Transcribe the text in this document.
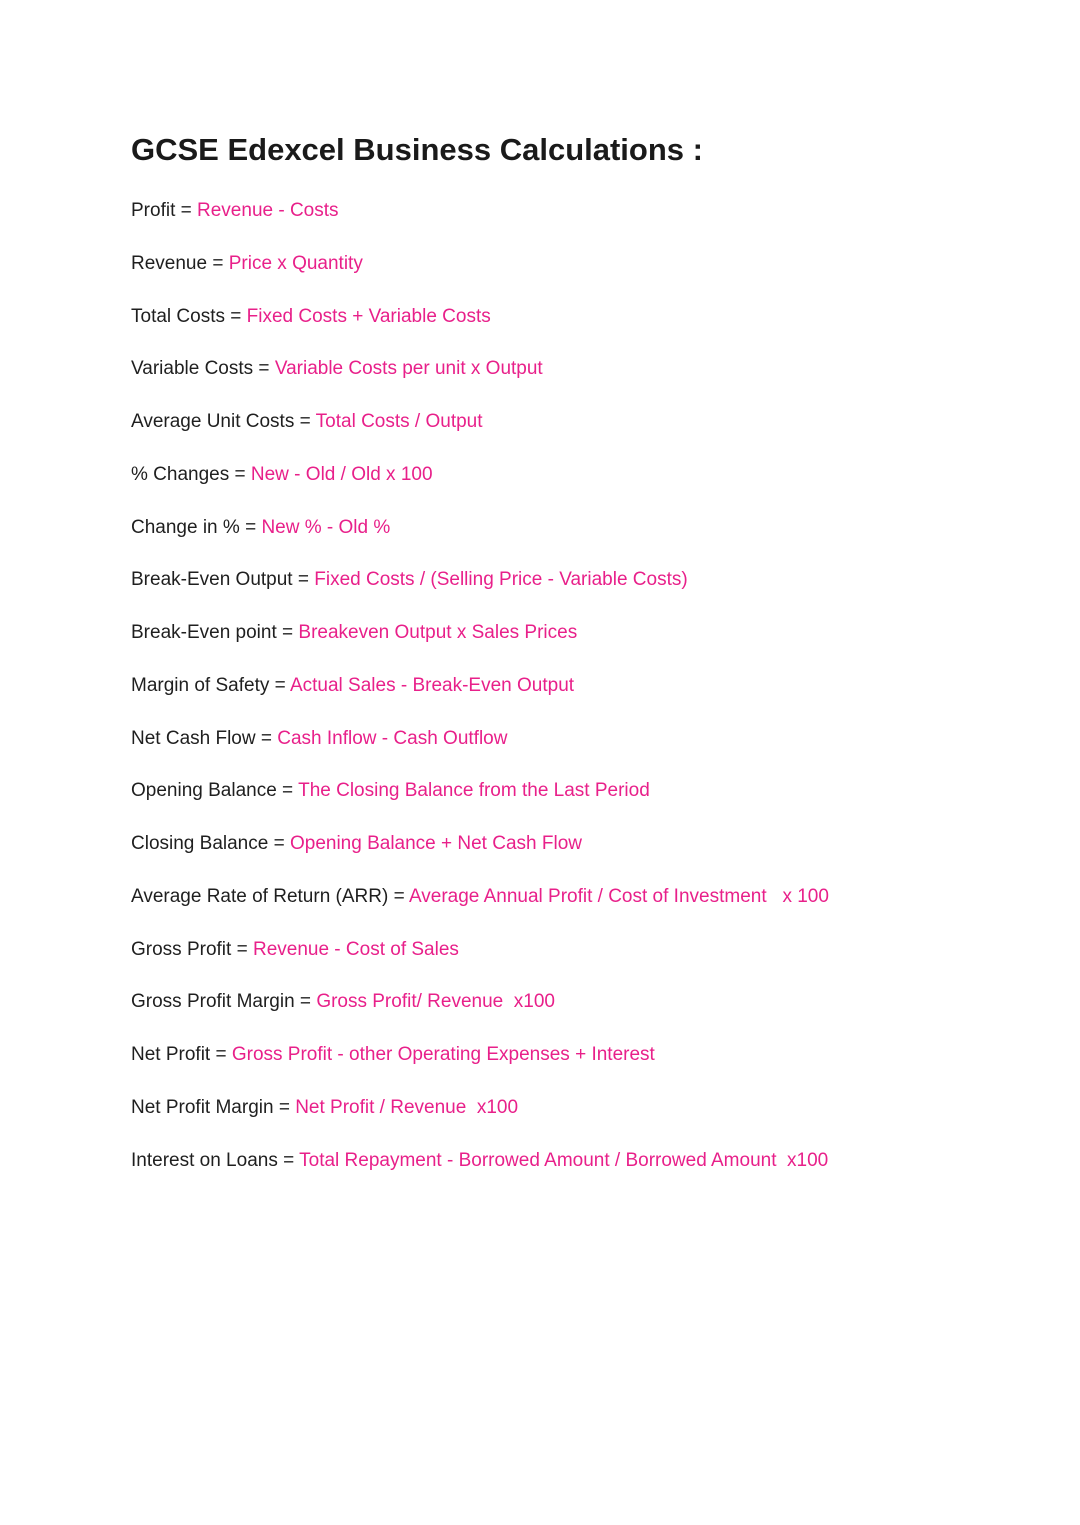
GCSE Edexcel Business Calculations :
Profit = Revenue - Costs
Revenue = Price x Quantity
Total Costs = Fixed Costs + Variable Costs
Variable Costs = Variable Costs per unit x Output
Average Unit Costs = Total Costs / Output
% Changes = New - Old / Old x 100
Change in % = New % - Old %
Break-Even Output = Fixed Costs / (Selling Price - Variable Costs)
Break-Even point = Breakeven Output x Sales Prices
Margin of Safety = Actual Sales - Break-Even Output
Net Cash Flow = Cash Inflow - Cash Outflow
Opening Balance = The Closing Balance from the Last Period
Closing Balance = Opening Balance + Net Cash Flow
Average Rate of Return (ARR) = Average Annual Profit / Cost of Investment   x 100
Gross Profit = Revenue - Cost of Sales
Gross Profit Margin = Gross Profit/ Revenue  x100
Net Profit = Gross Profit - other Operating Expenses + Interest
Net Profit Margin = Net Profit / Revenue  x100
Interest on Loans = Total Repayment - Borrowed Amount / Borrowed Amount  x100
